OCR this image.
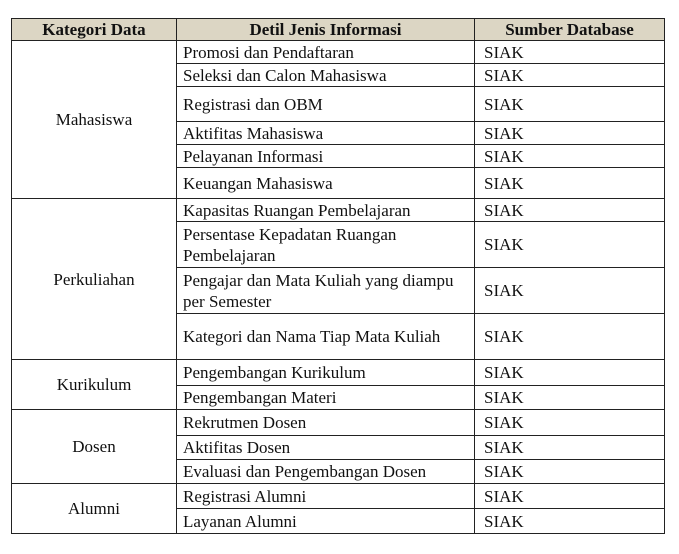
Kategori Data	Detil Jenis Informasi	Sumber Database
Mahasiswa	Promosi dan Pendaftaran	SIAK
	Seleksi dan Calon Mahasiswa	SIAK
	Registrasi dan OBM	SIAK
	Aktifitas Mahasiswa	SIAK
	Pelayanan Informasi	SIAK
	Keuangan Mahasiswa	SIAK
Perkuliahan	Kapasitas Ruangan Pembelajaran	SIAK
	Persentase Kepadatan Ruangan Pembelajaran	SIAK
	Pengajar dan Mata Kuliah yang diampu per Semester	SIAK
	Kategori dan Nama Tiap Mata Kuliah	SIAK
Kurikulum	Pengembangan Kurikulum	SIAK
	Pengembangan Materi	SIAK
Dosen	Rekrutmen Dosen	SIAK
	Aktifitas Dosen	SIAK
	Evaluasi dan Pengembangan Dosen	SIAK
Alumni	Registrasi Alumni	SIAK
	Layanan Alumni	SIAK
